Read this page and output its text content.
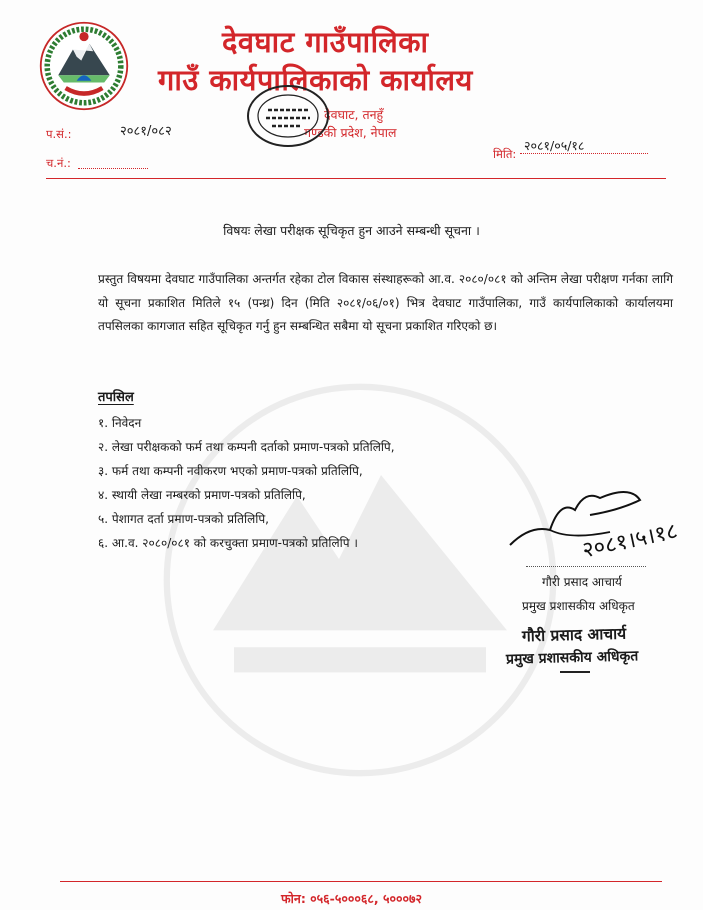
देवघाट गाउँपालिका
गाउँ कार्यपालिकाको कार्यालय
देवघाट, तनहुँ
गण्डकी प्रदेश, नेपाल
प.सं.:	२०८१/०८२
च.नं.:
मिति:
२०८१/०५/१८
विषयः लेखा परीक्षक सूचिकृत हुन आउने सम्बन्धी सूचना ।
प्रस्तुत विषयमा देवघाट गाउँपालिका अन्तर्गत रहेका टोल विकास संस्थाहरूको आ.व. २०८०/०८१ को अन्तिम लेखा परीक्षण गर्नका लागि यो सूचना प्रकाशित मितिले १५ (पन्ध्र) दिन (मिति २०८१/०६/०१) भित्र देवघाट गाउँपालिका, गाउँ कार्यपालिकाको कार्यालयमा तपसिलका कागजात सहित सूचिकृत गर्नु हुन सम्बन्धित सबैमा यो सूचना प्रकाशित गरिएको छ।
तपसिल
१. निवेदन
२. लेखा परीक्षकको फर्म तथा कम्पनी दर्ताको प्रमाण-पत्रको प्रतिलिपि,
३. फर्म तथा कम्पनी नवीकरण भएको प्रमाण-पत्रको प्रतिलिपि,
४. स्थायी लेखा नम्बरको प्रमाण-पत्रको प्रतिलिपि,
५. पेशागत दर्ता प्रमाण-पत्रको प्रतिलिपि,
६. आ.व. २०८०/०८१ को करचुक्ता प्रमाण-पत्रको प्रतिलिपि ।	२०८१।५।१८
गौरी प्रसाद आचार्य
प्रमुख प्रशासकीय अधिकृत
गौरी प्रसाद आचार्य
प्रमुख प्रशासकीय अधिकृत
फोन: ०५६-५०००६८, ५०००७२
